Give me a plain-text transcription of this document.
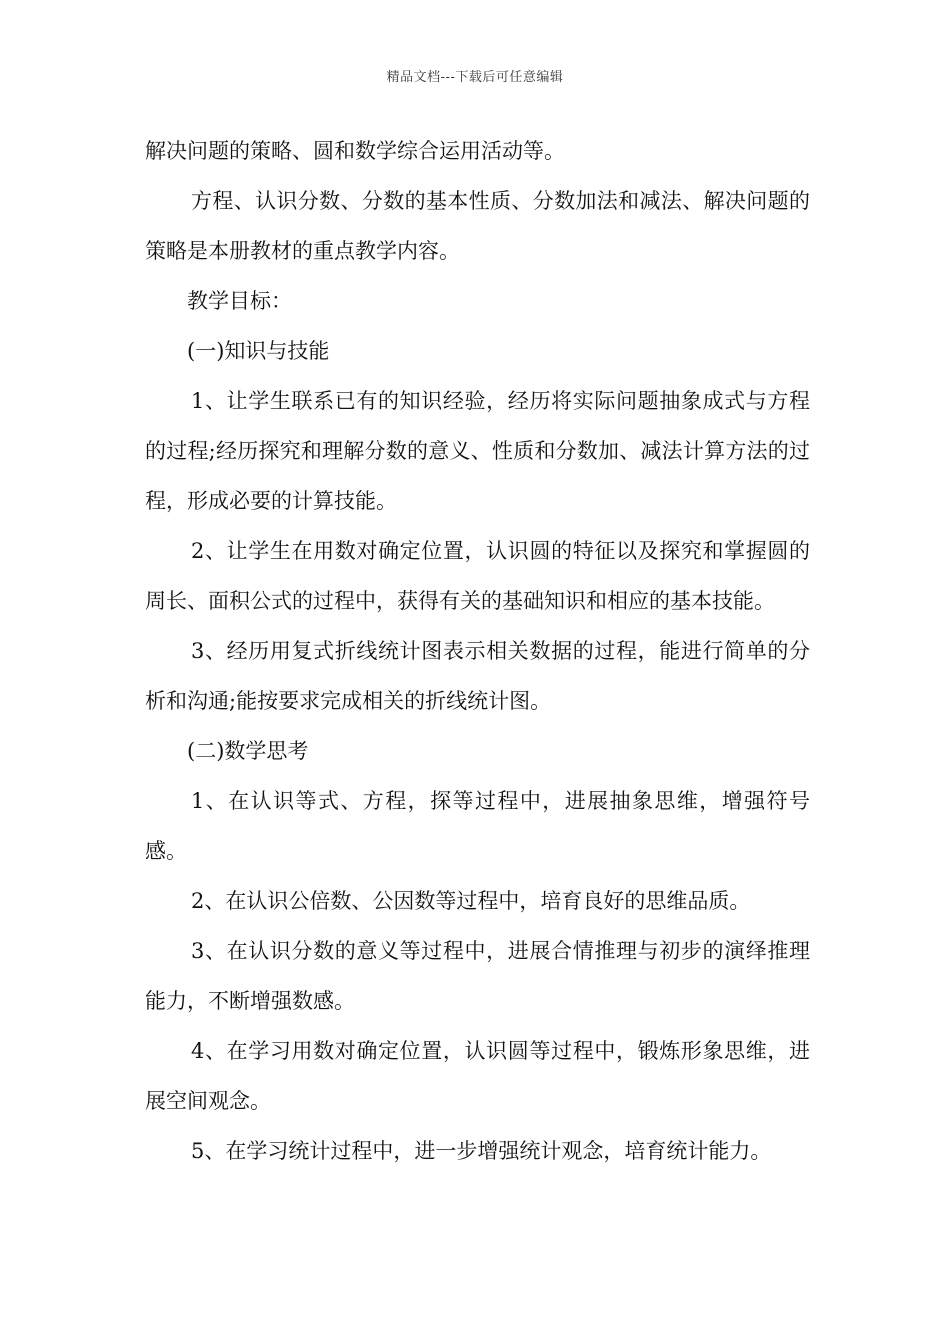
精品文档---下载后可任意编辑

解决问题的策略、圆和数学综合运用活动等。

方程、认识分数、分数的基本性质、分数加法和减法、解决问题的策略是本册教材的重点教学内容。

教学目标：

(一)知识与技能

1、让学生联系已有的知识经验，经历将实际问题抽象成式与方程的过程;经历探究和理解分数的意义、性质和分数加、减法计算方法的过程，形成必要的计算技能。

2、让学生在用数对确定位置，认识圆的特征以及探究和掌握圆的周长、面积公式的过程中，获得有关的基础知识和相应的基本技能。

3、经历用复式折线统计图表示相关数据的过程，能进行简单的分析和沟通;能按要求完成相关的折线统计图。

(二)数学思考

1、在认识等式、方程，探等过程中，进展抽象思维，增强符号感。

2、在认识公倍数、公因数等过程中，培育良好的思维品质。

3、在认识分数的意义等过程中，进展合情推理与初步的演绎推理能力，不断增强数感。

4、在学习用数对确定位置，认识圆等过程中，锻炼形象思维，进展空间观念。

5、在学习统计过程中，进一步增强统计观念，培育统计能力。
